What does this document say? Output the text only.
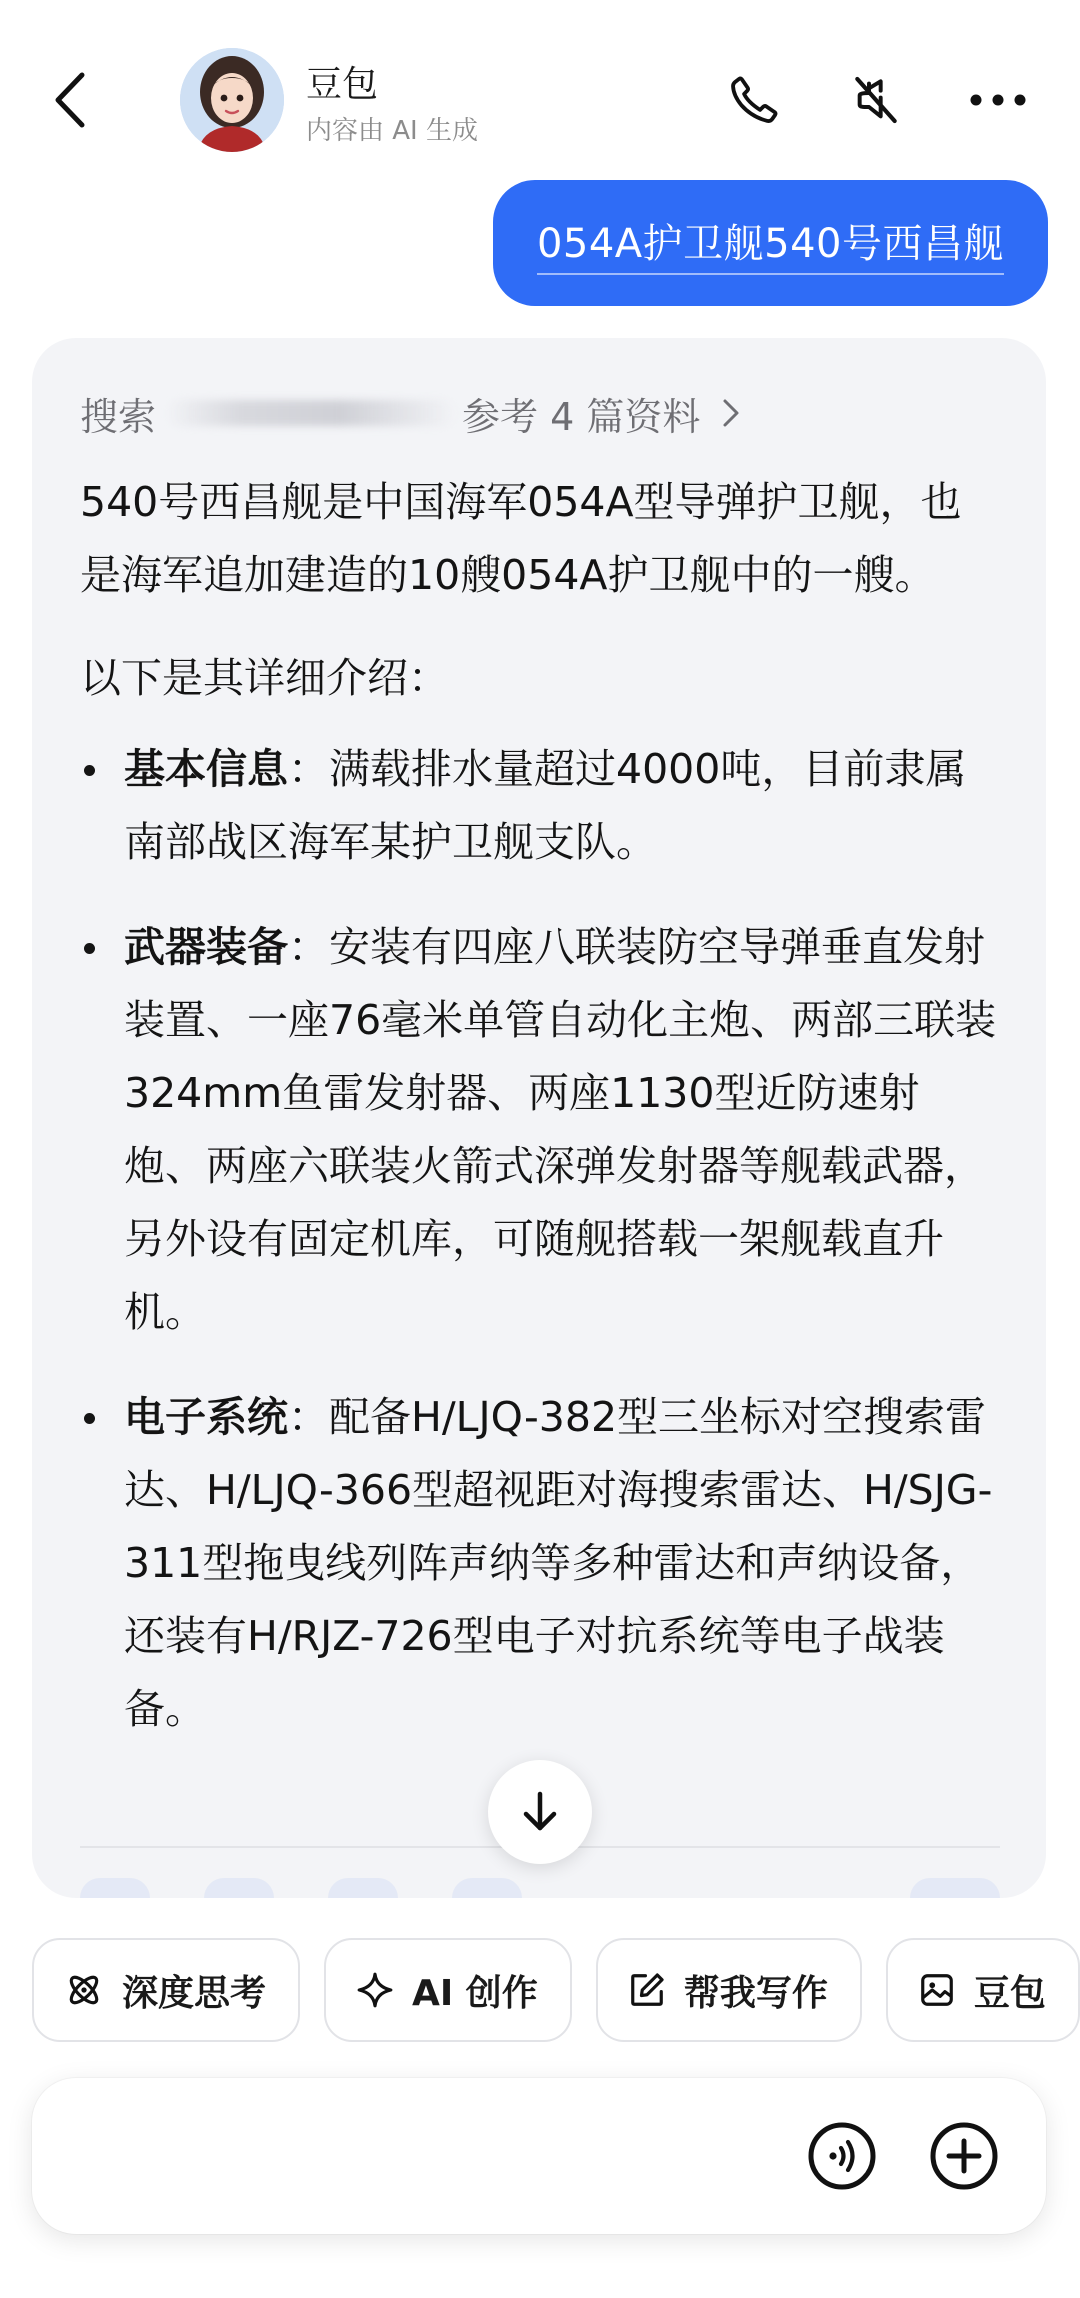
豆包
内容由 AI 生成
054A护卫舰540号西昌舰
搜索	参考 4 篇资料

540号西昌舰是中国海军054A型导弹护卫舰，也是海军追加建造的10艘054A护卫舰中的一艘。

以下是其详细介绍：

基本信息：满载排水量超过4000吨，目前隶属南部战区海军某护卫舰支队。
武器装备：安装有四座八联装防空导弹垂直发射装置、一座76毫米单管自动化主炮、两部三联装324mm鱼雷发射器、两座1130型近防速射炮、两座六联装火箭式深弹发射器等舰载武器，另外设有固定机库，可随舰搭载一架舰载直升机。
电子系统：配备H/LJQ-382型三坐标对空搜索雷达、H/LJQ-366型超视距对海搜索雷达、H/SJG-311型拖曳线列阵声纳等多种雷达和声纳设备，还装有H/RJZ-726型电子对抗系统等电子战装备。
深度思考	AI 创作	帮我写作	豆包
